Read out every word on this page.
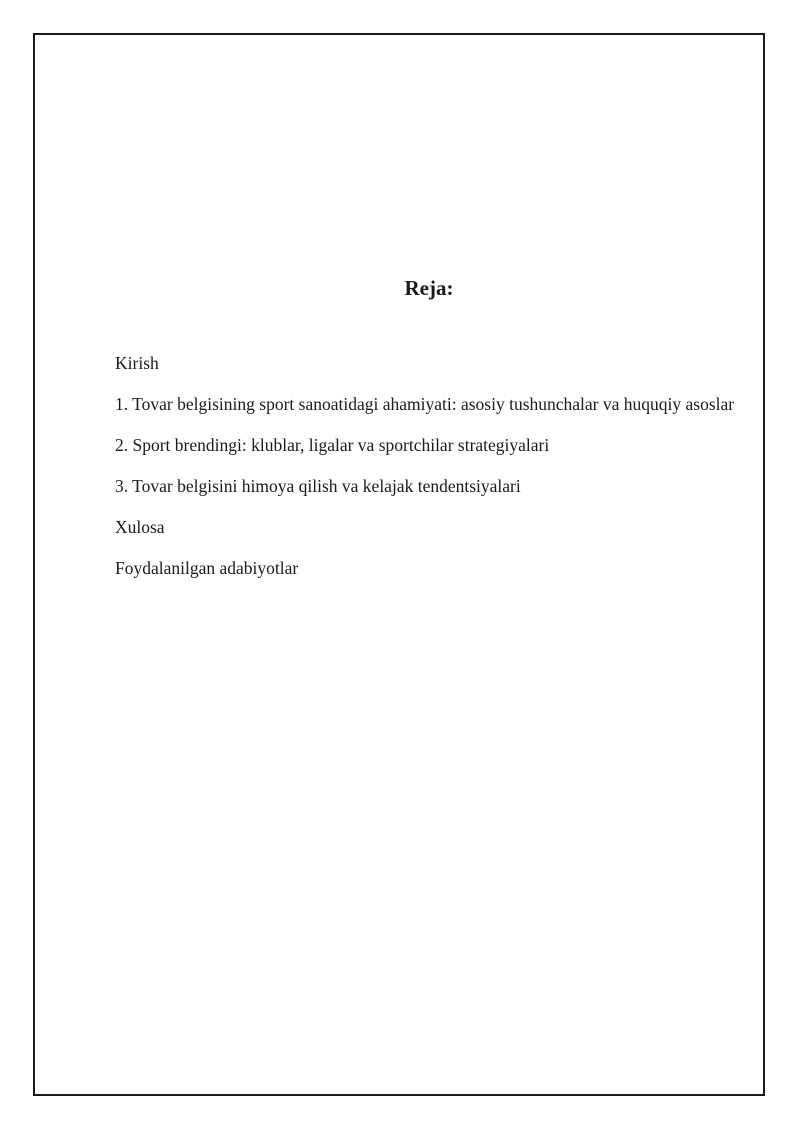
Reja:
Kirish
1. Tovar belgisining sport sanoatidagi ahamiyati: asosiy tushunchalar va huquqiy asoslar
2. Sport brendingi: klublar, ligalar va sportchilar strategiyalari
3. Tovar belgisini himoya qilish va kelajak tendentsiyalari
Xulosa
Foydalanilgan adabiyotlar
